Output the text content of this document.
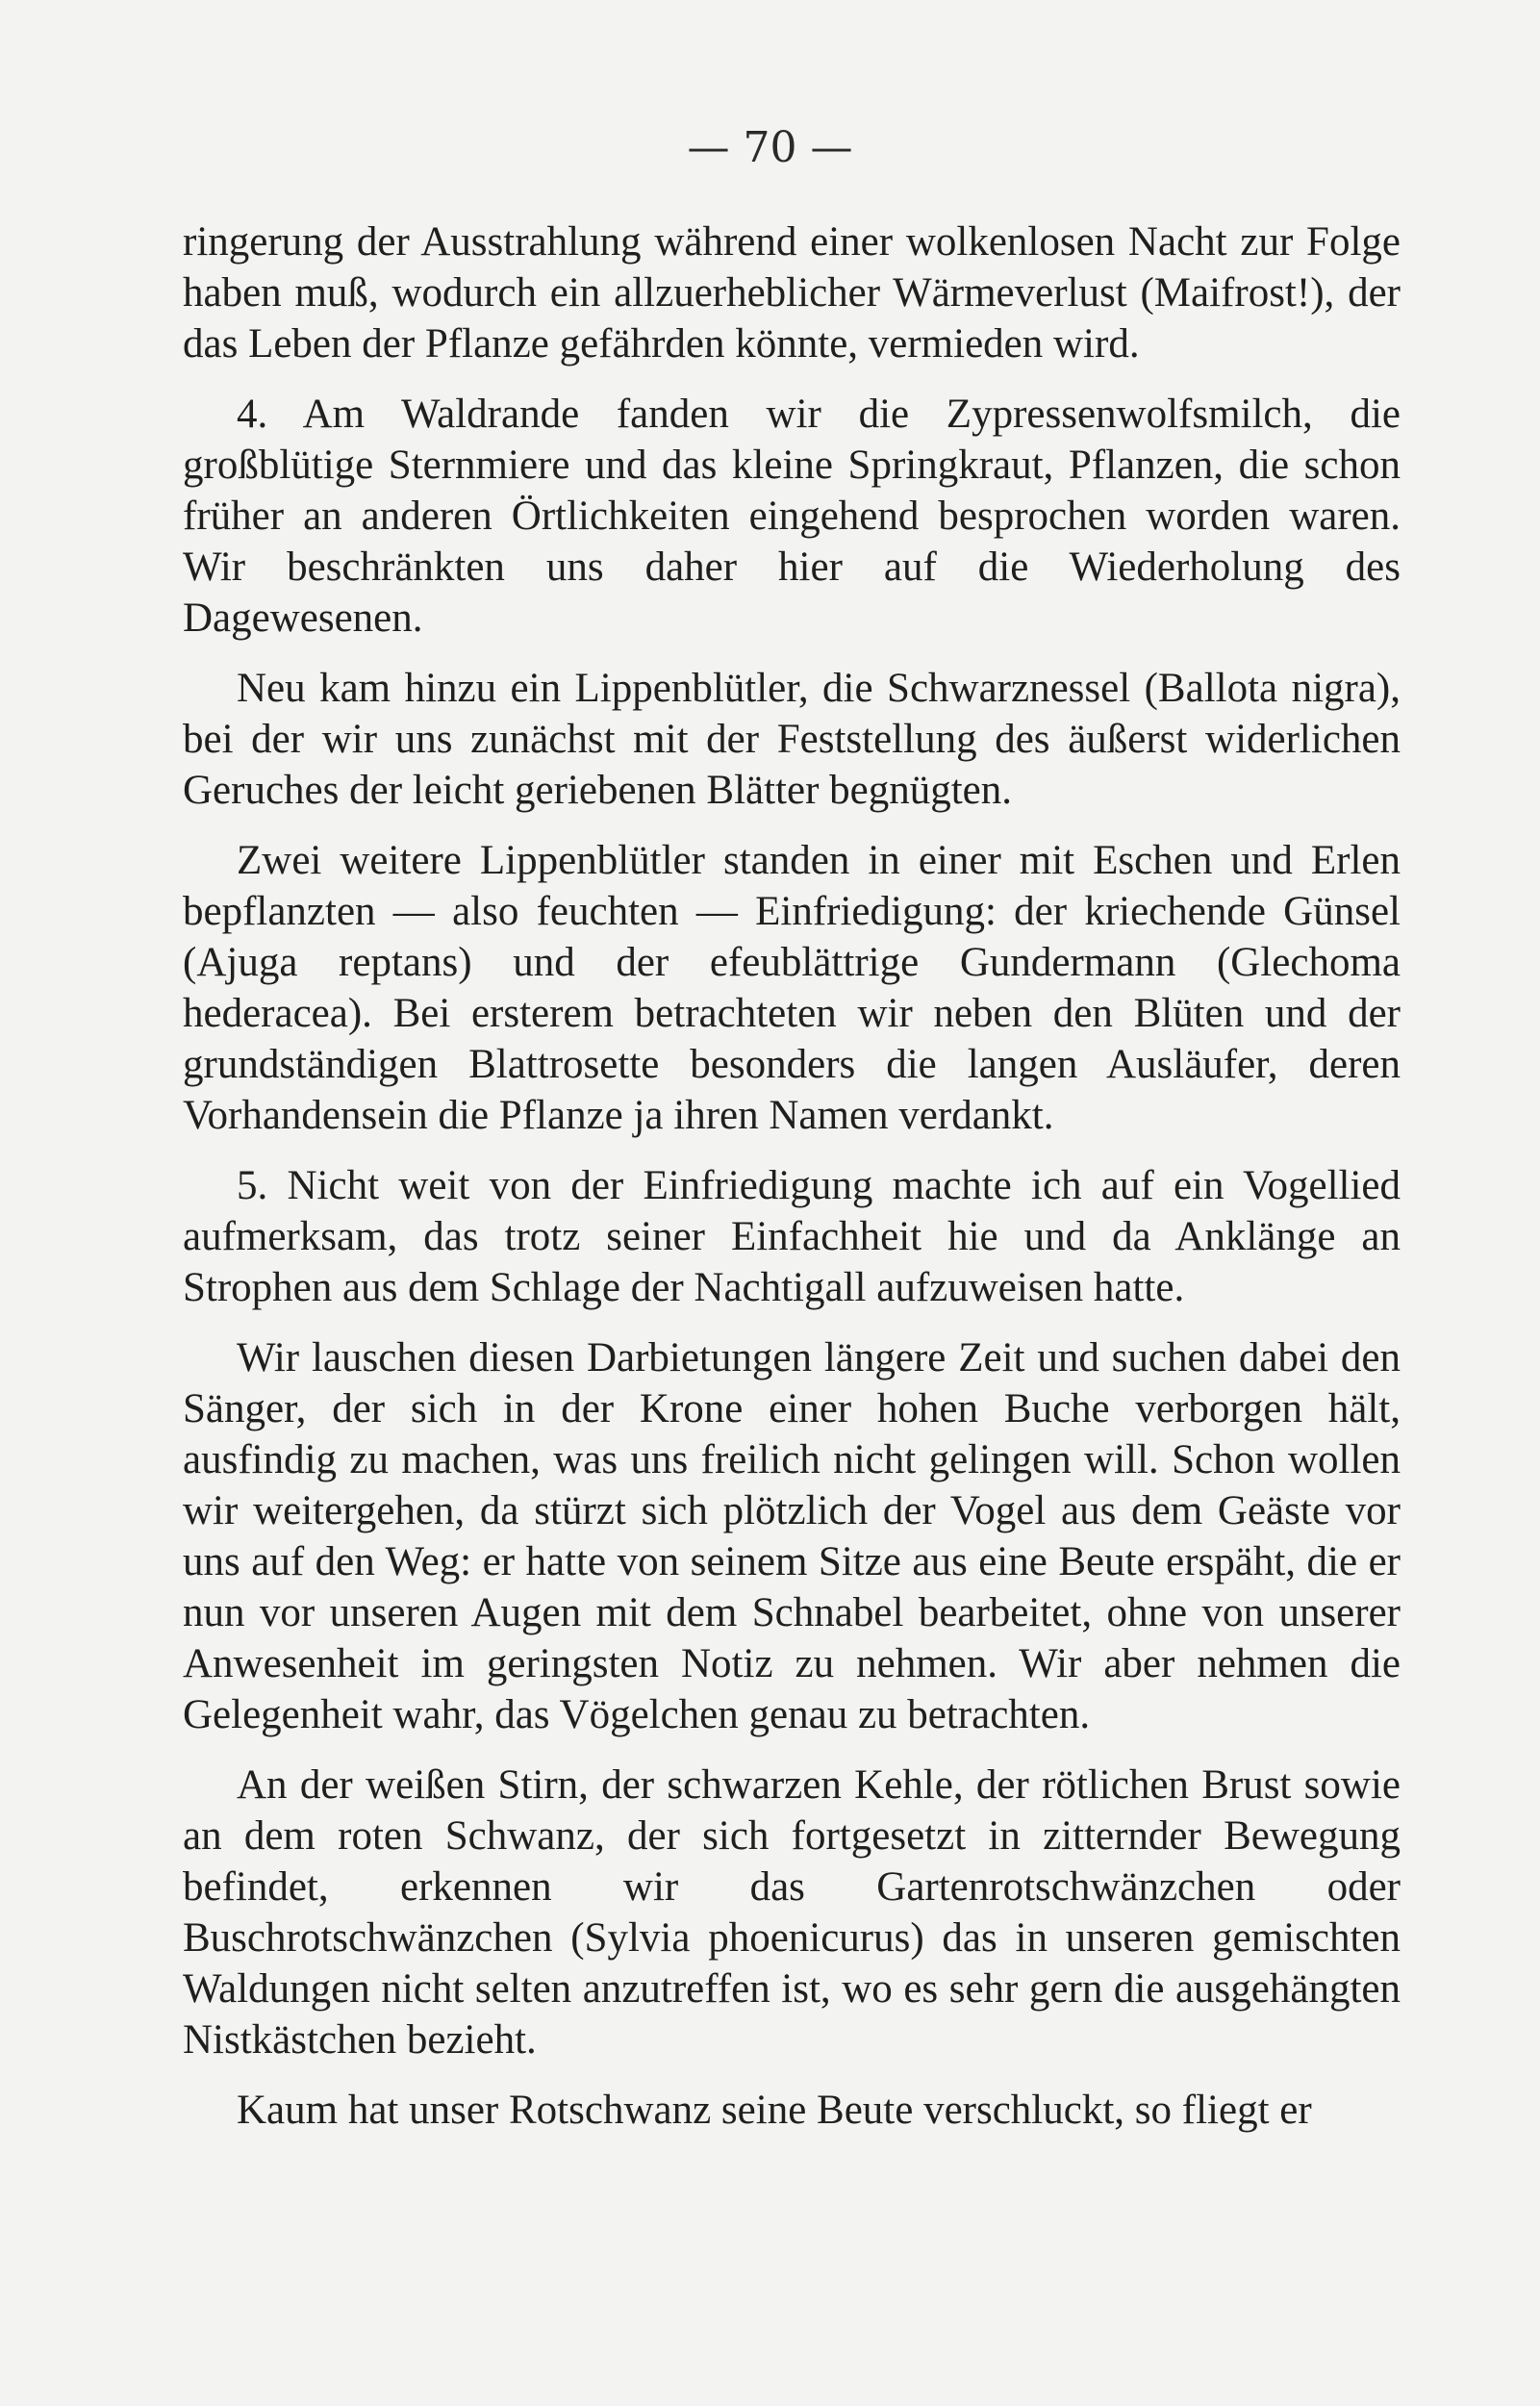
— 70 —

ringerung der Ausstrahlung während einer wolkenlosen Nacht zur Folge haben muß, wodurch ein allzuerheblicher Wärmeverlust (Maifrost!), der das Leben der Pflanze gefährden könnte, vermieden wird.

4. Am Waldrande fanden wir die Zypressenwolfsmilch, die großblütige Sternmiere und das kleine Springkraut, Pflanzen, die schon früher an anderen Örtlichkeiten eingehend besprochen worden waren. Wir beschränkten uns daher hier auf die Wiederholung des Dagewesenen.

Neu kam hinzu ein Lippenblütler, die Schwarznessel (Ballota nigra), bei der wir uns zunächst mit der Feststellung des äußerst widerlichen Geruches der leicht geriebenen Blätter begnügten.

Zwei weitere Lippenblütler standen in einer mit Eschen und Erlen bepflanzten — also feuchten — Einfriedigung: der kriechende Günsel (Ajuga reptans) und der efeublättrige Gundermann (Glechoma hederacea). Bei ersterem betrachteten wir neben den Blüten und der grundständigen Blattrosette besonders die langen Ausläufer, deren Vorhandensein die Pflanze ja ihren Namen verdankt.

5. Nicht weit von der Einfriedigung machte ich auf ein Vogellied aufmerksam, das trotz seiner Einfachheit hie und da Anklänge an Strophen aus dem Schlage der Nachtigall aufzuweisen hatte.

Wir lauschen diesen Darbietungen längere Zeit und suchen dabei den Sänger, der sich in der Krone einer hohen Buche verborgen hält, ausfindig zu machen, was uns freilich nicht gelingen will. Schon wollen wir weitergehen, da stürzt sich plötzlich der Vogel aus dem Geäste vor uns auf den Weg: er hatte von seinem Sitze aus eine Beute erspäht, die er nun vor unseren Augen mit dem Schnabel bearbeitet, ohne von unserer Anwesenheit im geringsten Notiz zu nehmen. Wir aber nehmen die Gelegenheit wahr, das Vögelchen genau zu betrachten.

An der weißen Stirn, der schwarzen Kehle, der rötlichen Brust sowie an dem roten Schwanz, der sich fortgesetzt in zitternder Bewegung befindet, erkennen wir das Gartenrotschwänzchen oder Buschrotschwänzchen (Sylvia phoenicurus) das in unseren gemischten Waldungen nicht selten anzutreffen ist, wo es sehr gern die ausgehängten Nistkästchen bezieht.

Kaum hat unser Rotschwanz seine Beute verschluckt, so fliegt er
